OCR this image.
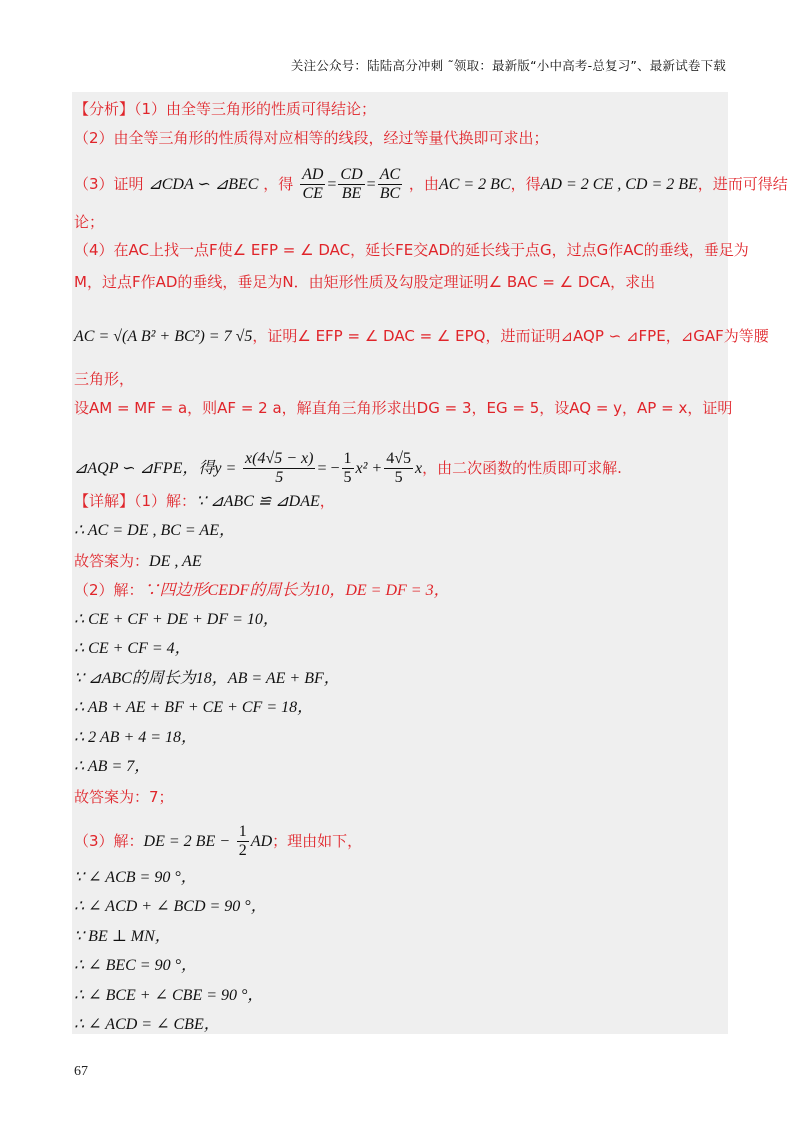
关注公众号：陆陆高分冲刺 ˜领取：最新版“小中高考-总复习”、最新试卷下载
【分析】（1）由全等三角形的性质可得结论；
（2）由全等三角形的性质得对应相等的线段，经过等量代换即可求出；
（3）证明 ⊿CDA ∽ ⊿BEC ，得 $\frac{AD}{CE} = \frac{CD}{BE} = \frac{AC}{BC}$ ，由AC = 2 BC，得AD = 2 CE , CD = 2 BE，进而可得结
论；
（4）在AC上找一点F使∠ EFP = ∠ DAC，延长FE交AD的延长线于点G，过点G作AC的垂线，垂足为
M，过点F作AD的垂线，垂足为N．由矩形性质及勾股定理证明∠ BAC = ∠ DCA，求出
AC = √(A B² + BC²) = 7 √5，证明∠ EFP = ∠ DAC = ∠ EPQ，进而证明⊿AQP ∽ ⊿FPE，⊿GAF为等腰
三角形，
设AM = MF = a，则AF = 2 a，解直角三角形求出DG = 3，EG = 5，设AQ = y，AP = x，证明
⊿AQP ∽ ⊿FPE，得$y = \frac{x(4√5 - x)}{5}$ = − $\frac{1}{5} x^2 + \frac{4√5}{5}$ x，由二次函数的性质即可求解.
【详解】（1）解：∵ ⊿ABC ≌ ⊿DAE，
∴ AC = DE , BC = AE，
故答案为：DE , AE
（2）解：∵四边形CEDF的周长为10，DE = DF = 3，
∴ CE + CF + DE + DF = 10，
∴ CE + CF = 4，
∵ ⊿ABC的周长为18，AB = AE + BF，
∴ AB + AE + BF + CE + CF = 18，
∴ 2 AB + 4 = 18，
∴ AB = 7，
故答案为：7；
（3）解：DE = 2 BE − $\frac{1}{2}$ AD；理由如下，
∵ ∠ ACB = 90 °，
∴ ∠ ACD + ∠ BCD = 90 °，
∵ BE ⊥ MN，
∴ ∠ BEC = 90 °，
∴ ∠ BCE + ∠ CBE = 90 °，
∴ ∠ ACD = ∠ CBE，
67
